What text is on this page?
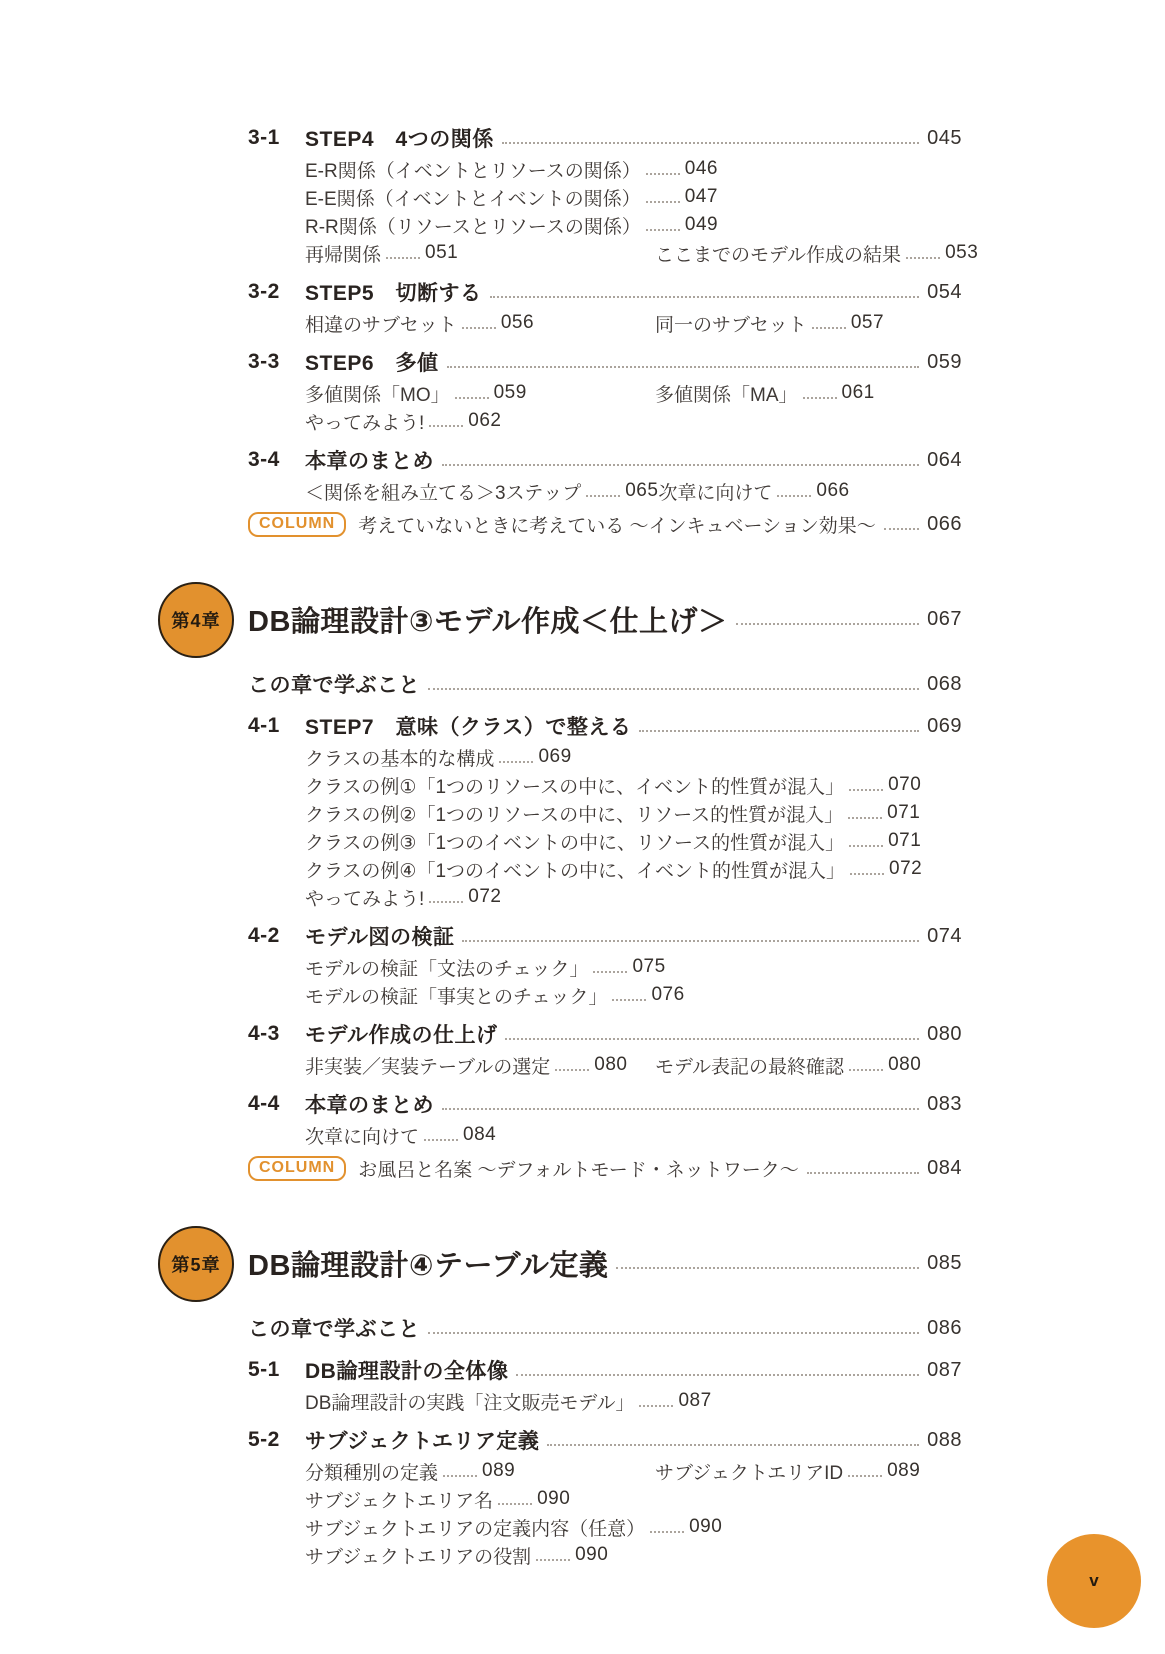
3-1	STEP4　4つの関係	045
E-R関係（イベントとリソースの関係） 046
E-E関係（イベントとイベントの関係） 047
R-R関係（リソースとリソースの関係） 049
再帰関係 051	ここまでのモデル作成の結果 053
3-2	STEP5　切断する	054
相違のサブセット 056	同一のサブセット 057
3-3	STEP6　多値	059
多値関係「MO」 059	多値関係「MA」 061
やってみよう! 062
3-4	本章のまとめ	064
＜関係を組み立てる＞3ステップ 065 次章に向けて 066
COLUMN	考えていないときに考えている ～インキュベーション効果～	066
第4章 DB論理設計③モデル作成＜仕上げ＞	067
この章で学ぶこと	068
4-1	STEP7　意味（クラス）で整える	069
クラスの基本的な構成 069
クラスの例①「1つのリソースの中に、イベント的性質が混入」 070
クラスの例②「1つのリソースの中に、リソース的性質が混入」 071
クラスの例③「1つのイベントの中に、リソース的性質が混入」 071
クラスの例④「1つのイベントの中に、イベント的性質が混入」 072
やってみよう! 072
4-2	モデル図の検証	074
モデルの検証「文法のチェック」 075
モデルの検証「事実とのチェック」 076
4-3	モデル作成の仕上げ	080
非実装／実装テーブルの選定 080 モデル表記の最終確認 080
4-4	本章のまとめ	083
次章に向けて 084
COLUMN	お風呂と名案 ～デフォルトモード・ネットワーク～	084
第5章 DB論理設計④テーブル定義	085
この章で学ぶこと	086
5-1	DB論理設計の全体像	087
DB論理設計の実践「注文販売モデル」 087
5-2	サブジェクトエリア定義	088
分類種別の定義 089	サブジェクトエリアID 089
サブジェクトエリア名 090
サブジェクトエリアの定義内容（任意） 090
サブジェクトエリアの役割 090
v
